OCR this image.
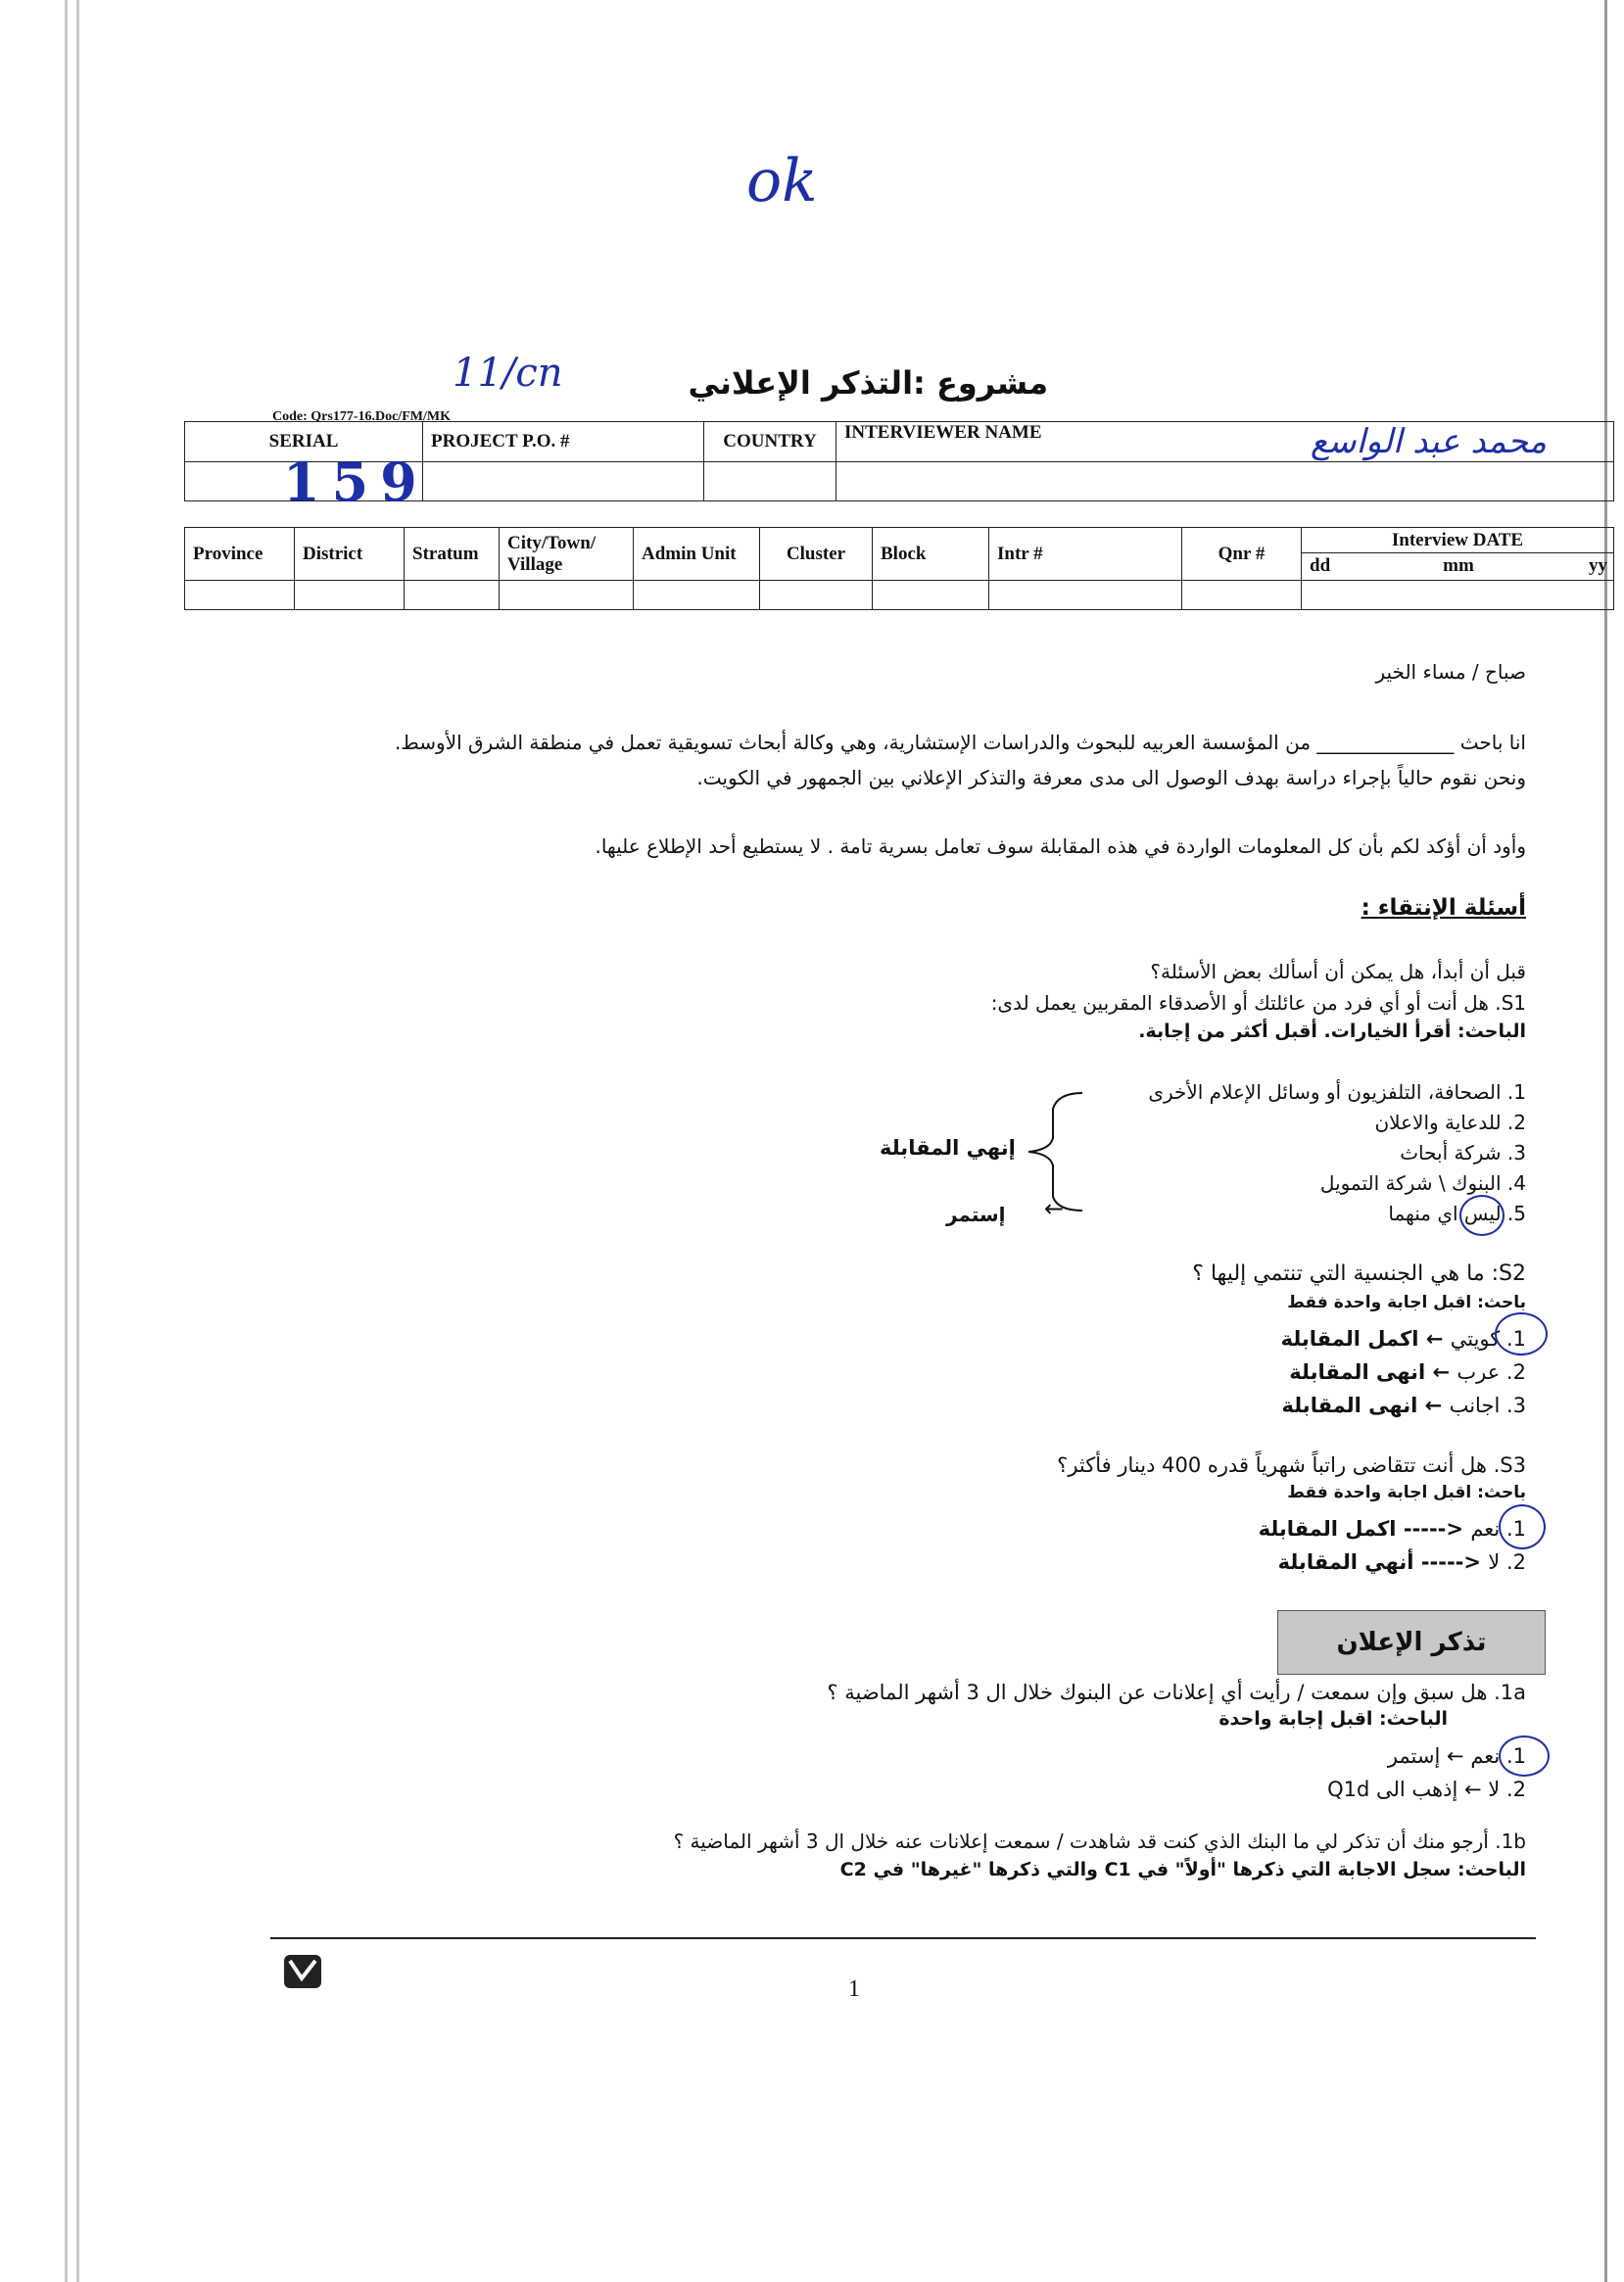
ok
11/cn	مشروع :التذكر الإعلاني
Code: Qrs177-16.Doc/FM/MK
SERIAL	PROJECT P.O. #	COUNTRY	INTERVIEWER NAME محمد عبد الواسع

159			

Province	District	Stratum	City/Town/ Village	Admin Unit	Cluster	Block	Intr #	Qnr #	Interview DATE
dd mm yy

صباح / مساء الخير
انا باحث ______________ من المؤسسة العربيه للبحوث والدراسات الإستشارية، وهي وكالة أبحاث تسويقية تعمل في منطقة الشرق الأوسط.
ونحن نقوم حالياً بإجراء دراسة بهدف الوصول الى مدى معرفة والتذكر الإعلاني بين الجمهور في الكويت.
وأود أن أؤكد لكم بأن كل المعلومات الواردة في هذه المقابلة سوف تعامل بسرية تامة . لا يستطيع أحد الإطلاع عليها.
أسئلة الإنتقاء :
قبل أن أبدأ، هل يمكن أن أسألك بعض الأسئلة؟
S1. هل أنت أو أي فرد من عائلتك أو الأصدقاء المقربين يعمل لدى:
الباحث: أقرأ الخيارات. أقبل أكثر من إجابة.
1. الصحافة، التلفزيون أو وسائل الإعلام الأخرى
2. للدعاية والاعلان
3. شركة أبحاث
4. البنوك \ شركة التمويل
5. ليس اي منهما
إنهي المقابلة
←
إستمر
S2: ما هي الجنسية التي تنتمي إليها ؟
باحث: اقبل اجابة واحدة فقط
1. كويتي ← اكمل المقابلة
2. عرب ← انهى المقابلة
3. اجانب ← انهى المقابلة
S3. هل أنت تتقاضى راتباً شهرياً قدره 400 دينار فأكثر؟
باحث: اقبل اجابة واحدة فقط
1. نعم -----> اكمل المقابلة
2. لا -----> أنهي المقابلة
تذكر الإعلان
1a. هل سبق وإن سمعت / رأيت أي إعلانات عن البنوك خلال ال 3 أشهر الماضية ؟
الباحث: اقبل إجابة واحدة
1. نعم ← إستمر
2. لا ← إذهب الى Q1d
1b. أرجو منك أن تذكر لي ما البنك الذي كنت قد شاهدت / سمعت إعلانات عنه خلال ال 3 أشهر الماضية ؟
الباحث: سجل الاجابة التي ذكرها "أولاً" في C1 والتي ذكرها "غيرها" في C2
1
